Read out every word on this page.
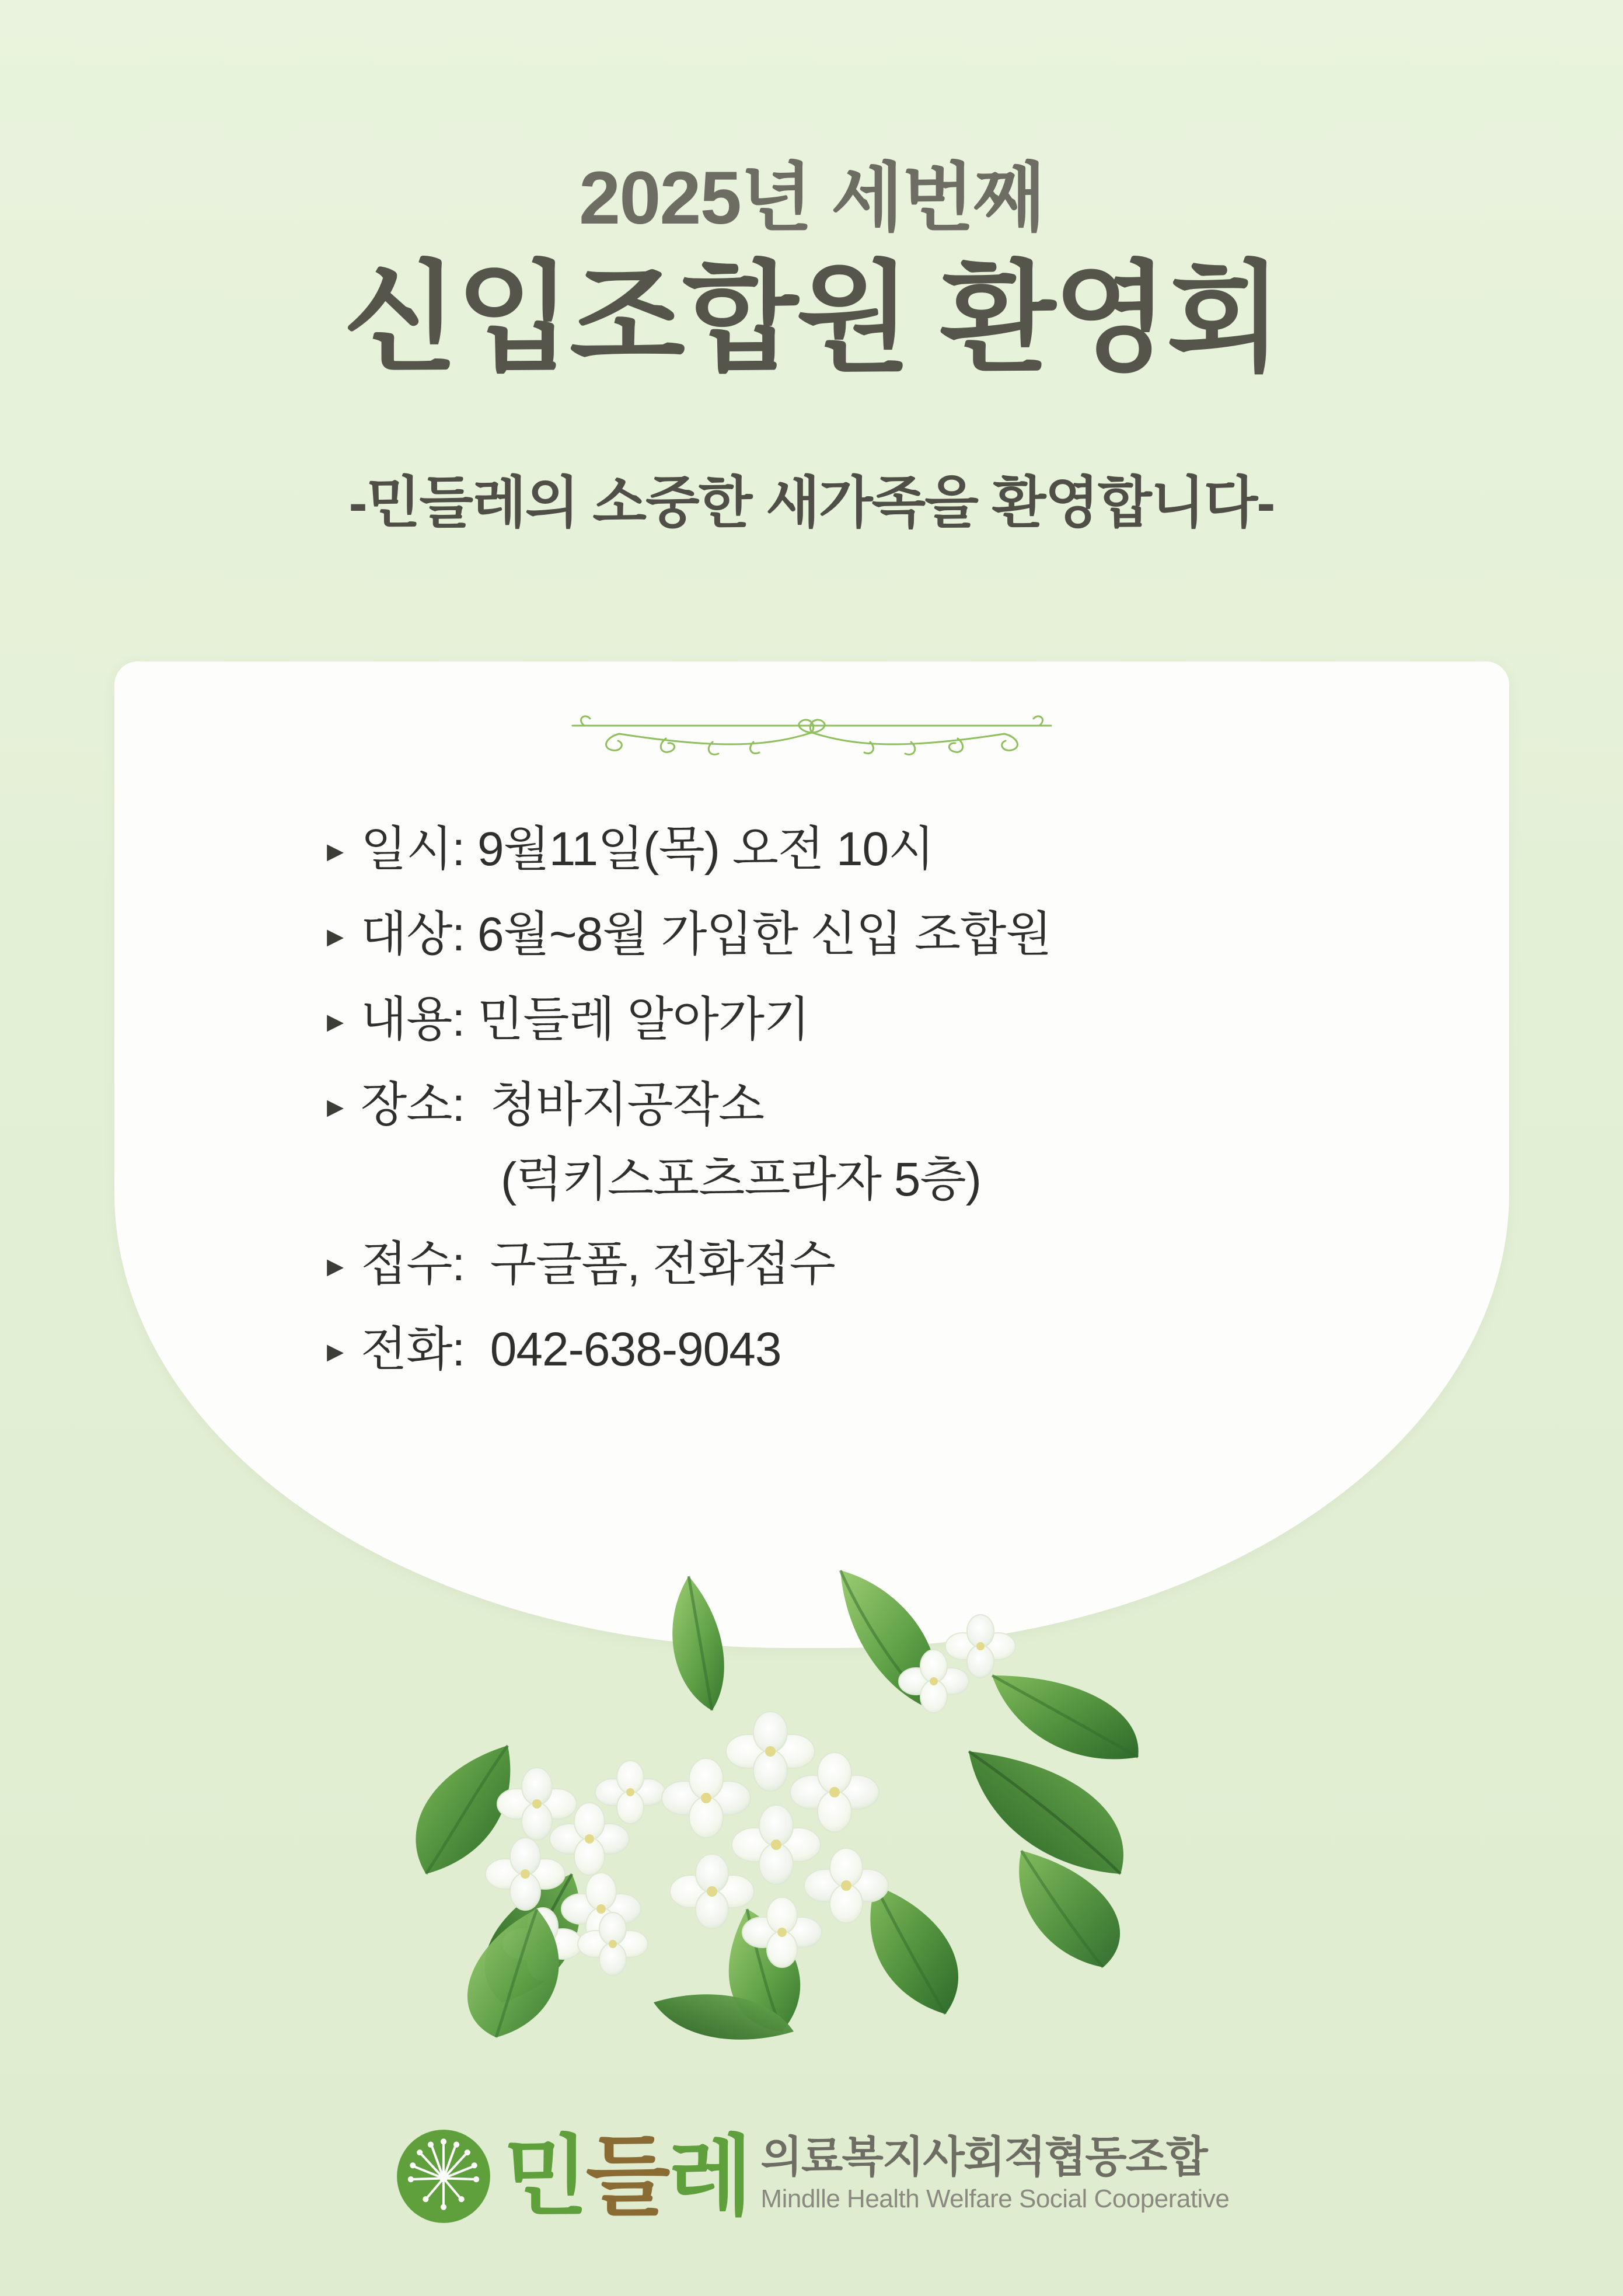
2025년 세번째
신입조합원 환영회
-민들레의 소중한 새가족을 환영합니다-
▸ 일시: 9월11일(목) 오전 10시
▸ 대상: 6월~8월 가입한 신입 조합원
▸ 내용: 민들레 알아가기
▸ 장소:  청바지공작소
(럭키스포츠프라자 5층)
▸ 접수:  구글폼, 전화접수
▸ 전화:  042-638-9043
민 들 레 의료복지사회적협동조합
Mindlle Health Welfare Social Cooperative
